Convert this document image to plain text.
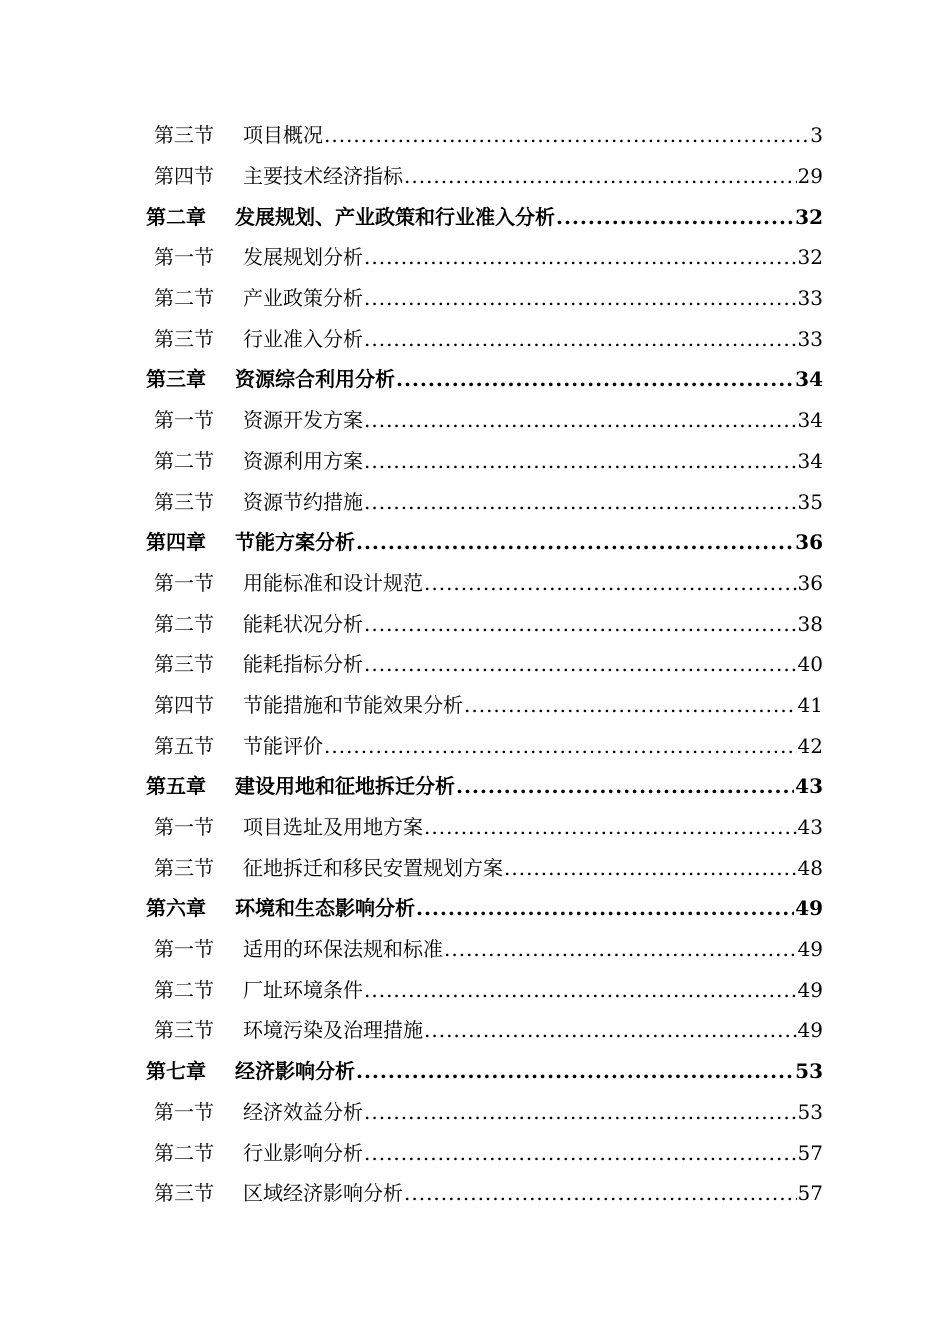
第三节	项目概况 .....	3
第四节	主要技术经济指标 .....	29
第二章	发展规划、产业政策和行业准入分析 .....	32
第一节	发展规划分析 .....	32
第二节	产业政策分析 .....	33
第三节	行业准入分析 .....	33
第三章	资源综合利用分析 .....	34
第一节	资源开发方案 .....	34
第二节	资源利用方案 .....	34
第三节	资源节约措施 .....	35
第四章	节能方案分析 .....	36
第一节	用能标准和设计规范 .....	36
第二节	能耗状况分析 .....	38
第三节	能耗指标分析 .....	40
第四节	节能措施和节能效果分析 .....	41
第五节	节能评价 .....	42
第五章	建设用地和征地拆迁分析 .....	43
第一节	项目选址及用地方案 .....	43
第三节	征地拆迁和移民安置规划方案 .....	48
第六章	环境和生态影响分析 .....	49
第一节	适用的环保法规和标准 .....	49
第二节	厂址环境条件 .....	49
第三节	环境污染及治理措施 .....	49
第七章	经济影响分析 .....	53
第一节	经济效益分析 .....	53
第二节	行业影响分析 .....	57
第三节	区域经济影响分析 .....	57
